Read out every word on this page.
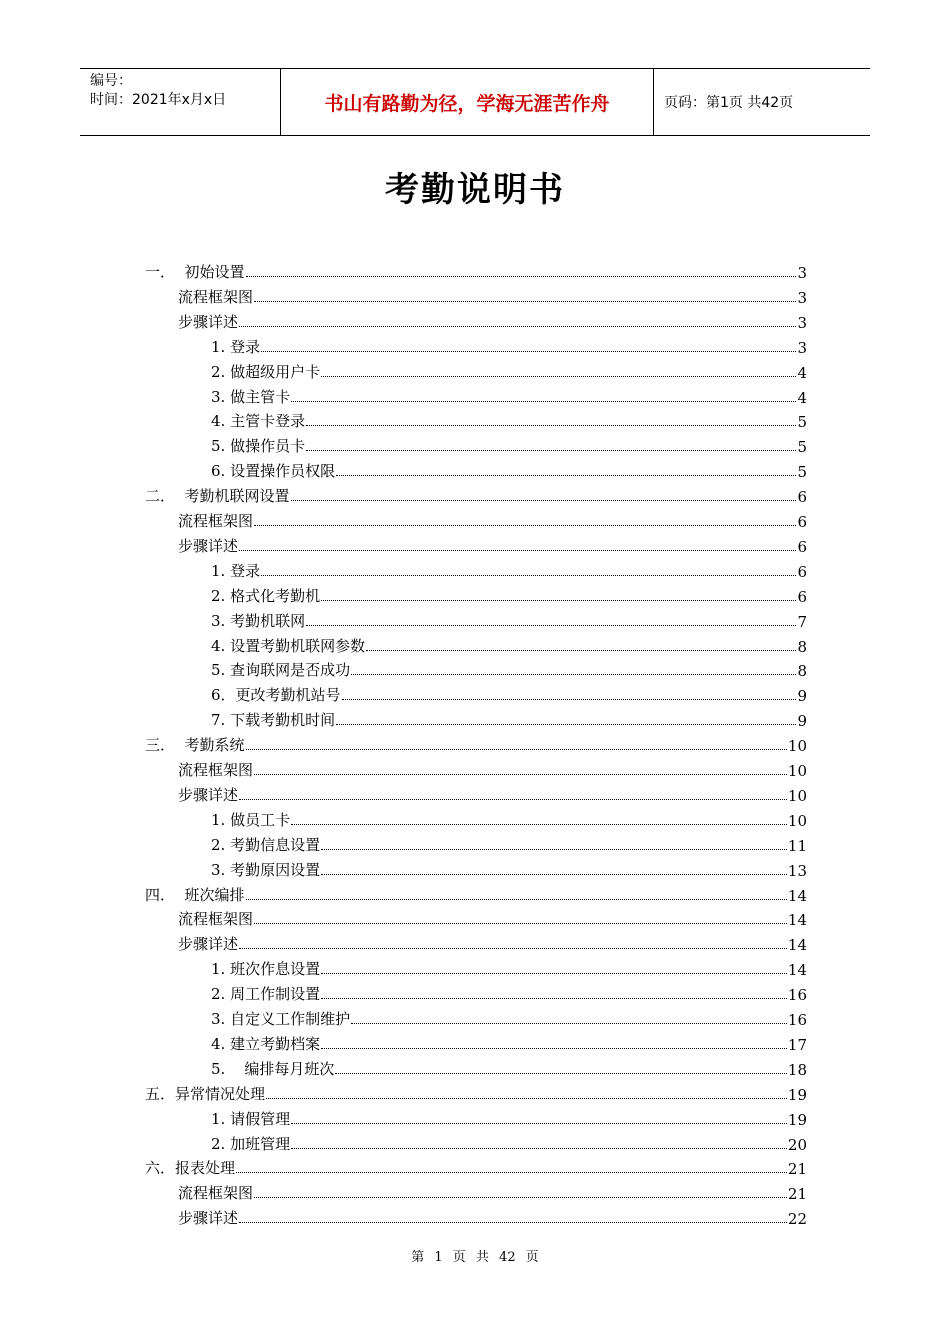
编号：
时间：2021年x月x日	书山有路勤为径，学海无涯苦作舟	页码：第1页 共42页
考勤说明书
一．  初始设置	3
流程框架图	3
步骤详述	3
1. 登录	3
2. 做超级用户卡	4
3. 做主管卡	4
4. 主管卡登录	5
5. 做操作员卡	5
6. 设置操作员权限	5
二．  考勤机联网设置	6
流程框架图	6
步骤详述	6
1. 登录	6
2. 格式化考勤机	6
3. 考勤机联网	7
4. 设置考勤机联网参数	8
5. 查询联网是否成功	8
6．更改考勤机站号	9
7. 下载考勤机时间	9
三．  考勤系统	10
流程框架图	10
步骤详述	10
1. 做员工卡	10
2. 考勤信息设置	11
3. 考勤原因设置	13
四．  班次编排	14
流程框架图	14
步骤详述	14
1. 班次作息设置	14
2. 周工作制设置	16
3. 自定义工作制维护	16
4. 建立考勤档案	17
5.    编排每月班次	18
五．异常情况处理	19
1. 请假管理	19
2. 加班管理	20
六．报表处理	21
流程框架图	21
步骤详述	22
第 1 页 共 42 页
